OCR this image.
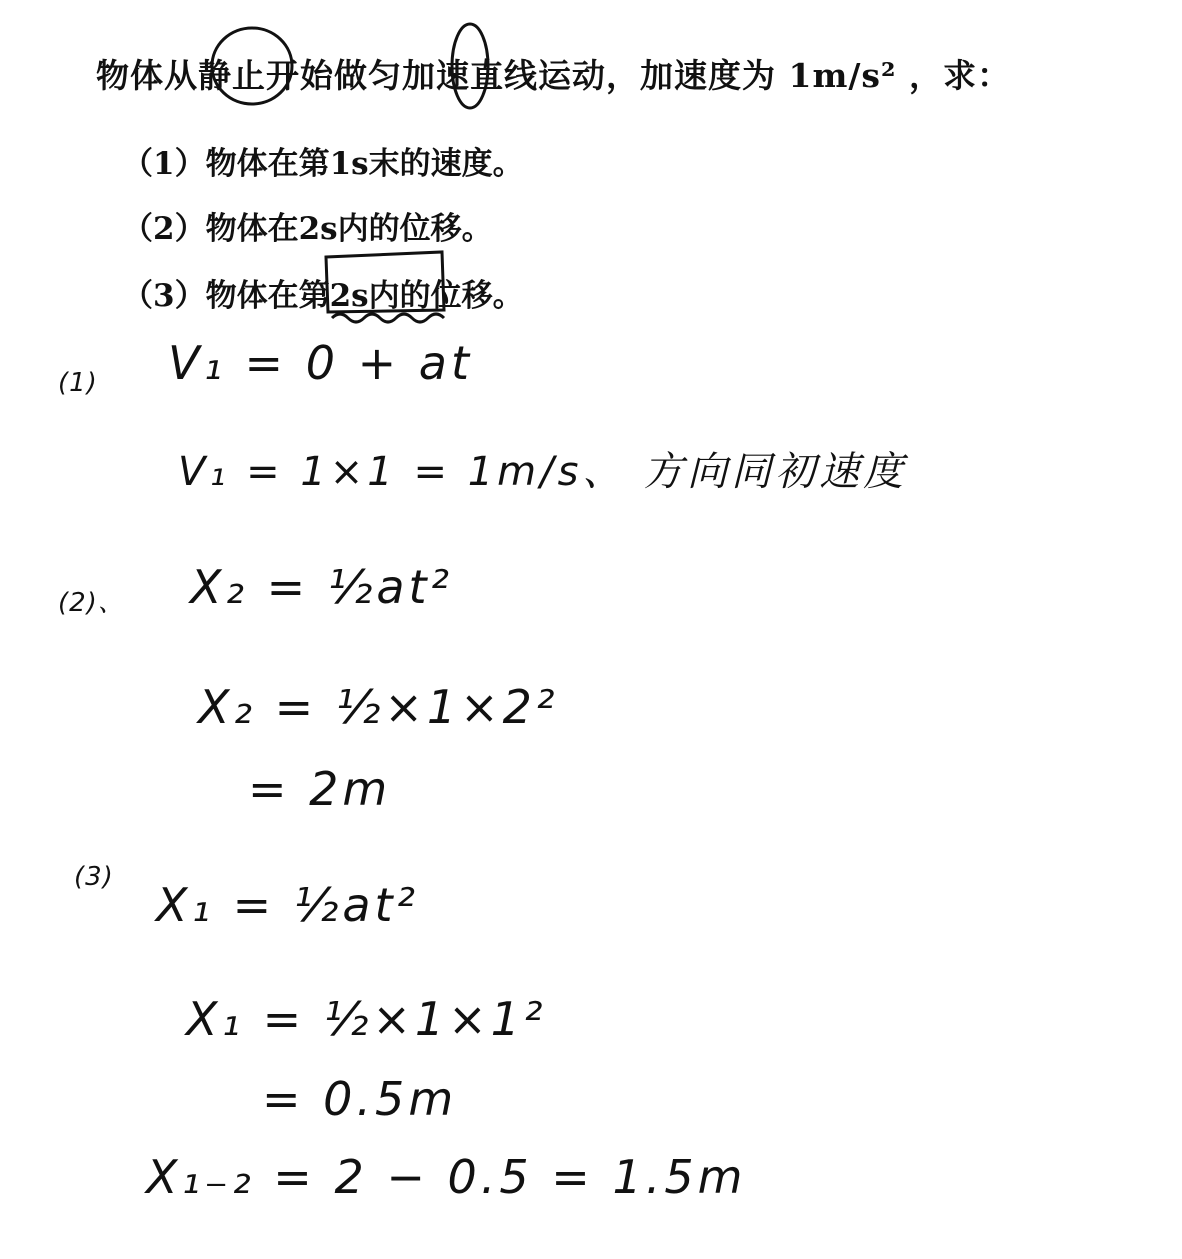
物体从静止开始做匀加速直线运动，加速度为 1m/s² ，求：
（1）物体在第1s末的速度。
（2）物体在2s内的位移。
（3）物体在第2s内的位移。
(1) V₁ = 0 + at
V₁ = 1×1 = 1m/s、 方向同初速度
(2)、 X₂ = ½at²
X₂ = ½×1×2²
= 2m
(3)
X₁ = ½at²
X₁ = ½×1×1²
= 0.5m
X₁₋₂ = 2 − 0.5 = 1.5m
